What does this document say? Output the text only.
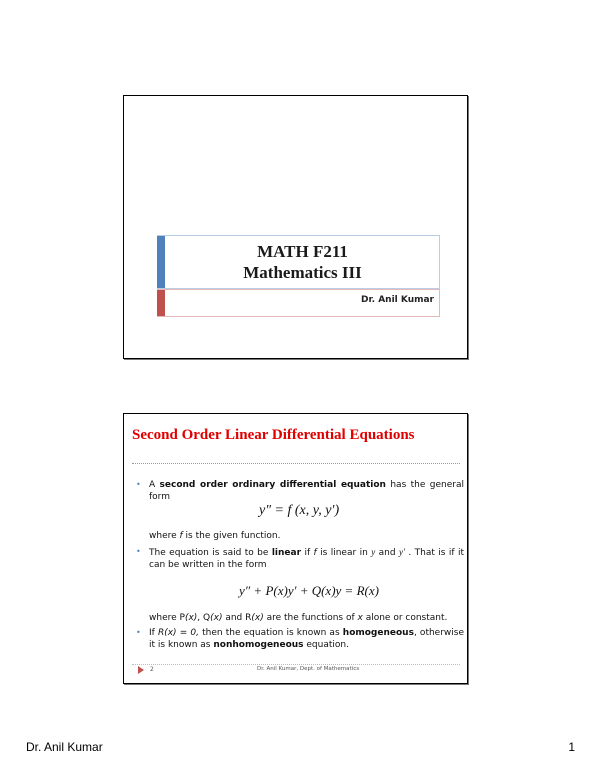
MATH F211
Mathematics III
Dr. Anil Kumar
Second Order Linear Differential Equations
• A second order ordinary differential equation has the general form
y″ = f (x, y, y′)
where f is the given function.
• The equation is said to be linear if f is linear in y and y′ . That is if it can be written in the form
y″ + P(x)y′ + Q(x)y = R(x)
where P(x), Q(x) and R(x) are the functions of x alone or constant.
• If R(x) = 0, then the equation is known as homogeneous, otherwise it is known as nonhomogeneous equation.
2	Dr. Anil Kumar, Dept. of Mathematics
Dr. Anil Kumar	1
